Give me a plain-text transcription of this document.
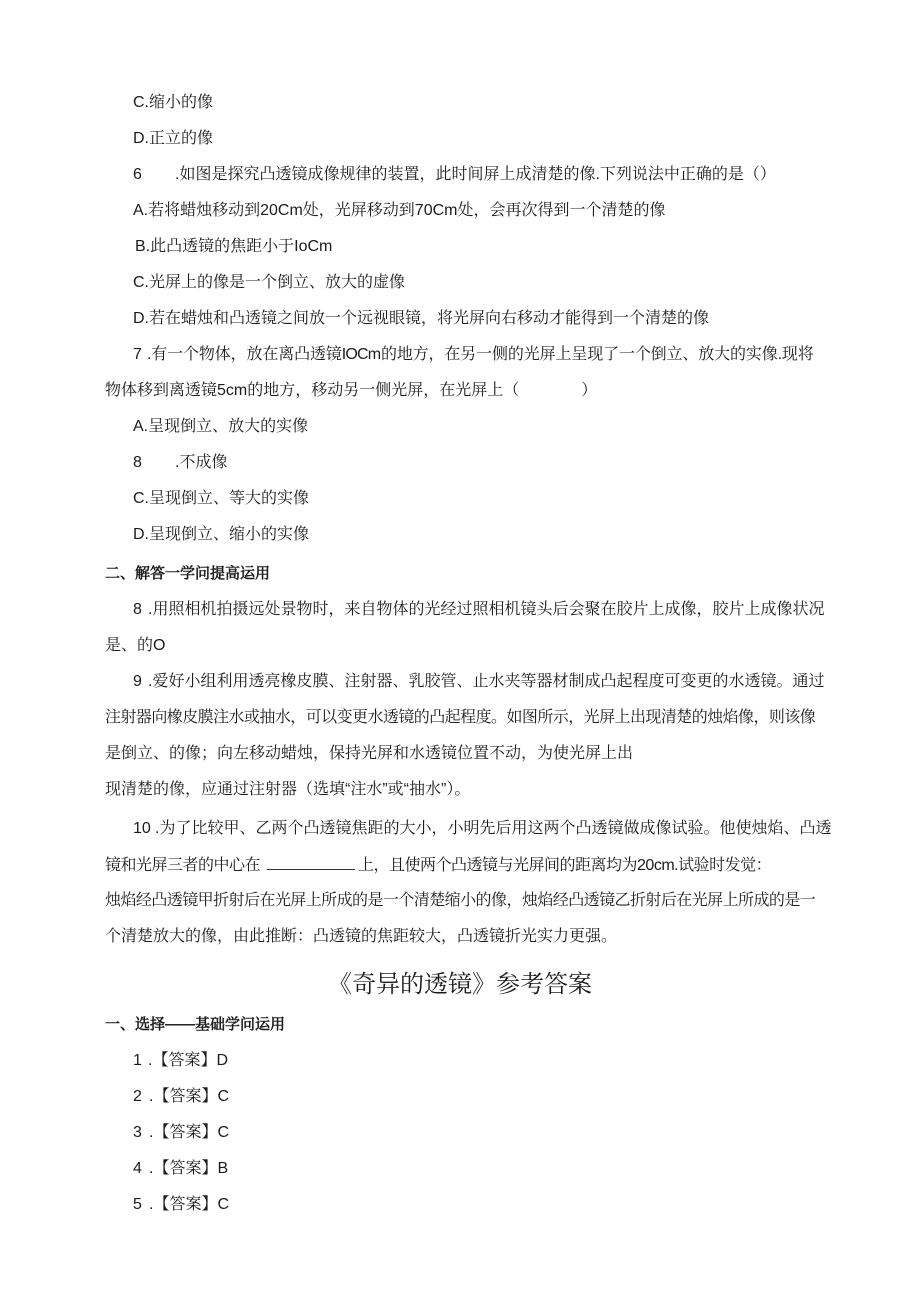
C.缩小的像
D.正立的像
6 .如图是探究凸透镜成像规律的装置，此时间屏上成清楚的像.下列说法中正确的是（）
A.若将蜡烛移动到20Cm处，光屏移动到70Cm处，会再次得到一个清楚的像
B.此凸透镜的焦距小于IoCm
C.光屏上的像是一个倒立、放大的虚像
D.若在蜡烛和凸透镜之间放一个远视眼镜，将光屏向右移动才能得到一个清楚的像
7 .有一个物体，放在离凸透镜IOCm的地方，在另一侧的光屏上呈现了一个倒立、放大的实像.现将
物体移到离透镜5cm的地方，移动另一侧光屏，在光屏上（	）
A.呈现倒立、放大的实像
8 .不成像
C.呈现倒立、等大的实像
D.呈现倒立、缩小的实像
二、解答一学问提高运用
8 .用照相机拍摄远处景物时，来自物体的光经过照相机镜头后会聚在胶片上成像，胶片上成像状况
是、的O
9 .爱好小组利用透亮橡皮膜、注射器、乳胶管、止水夹等器材制成凸起程度可变更的水透镜。通过
注射器向橡皮膜注水或抽水，可以变更水透镜的凸起程度。如图所示，光屏上出现清楚的烛焰像，则该像
是倒立、的像；向左移动蜡烛，保持光屏和水透镜位置不动，为使光屏上出
现清楚的像，应通过注射器（选填“注水”或“抽水”）。
10 .为了比较甲、乙两个凸透镜焦距的大小，小明先后用这两个凸透镜做成像试验。他使烛焰、凸透
镜和光屏三者的中心在	上，且使两个凸透镜与光屏间的距离均为20cm.试验时发觉：
烛焰经凸透镜甲折射后在光屏上所成的是一个清楚缩小的像，烛焰经凸透镜乙折射后在光屏上所成的是一
个清楚放大的像，由此推断：凸透镜的焦距较大，凸透镜折光实力更强。
《奇异的透镜》参考答案
一、选择——基础学问运用
1 .【答案】D
2 .【答案】C
3 .【答案】C
4 .【答案】B
5 .【答案】C
